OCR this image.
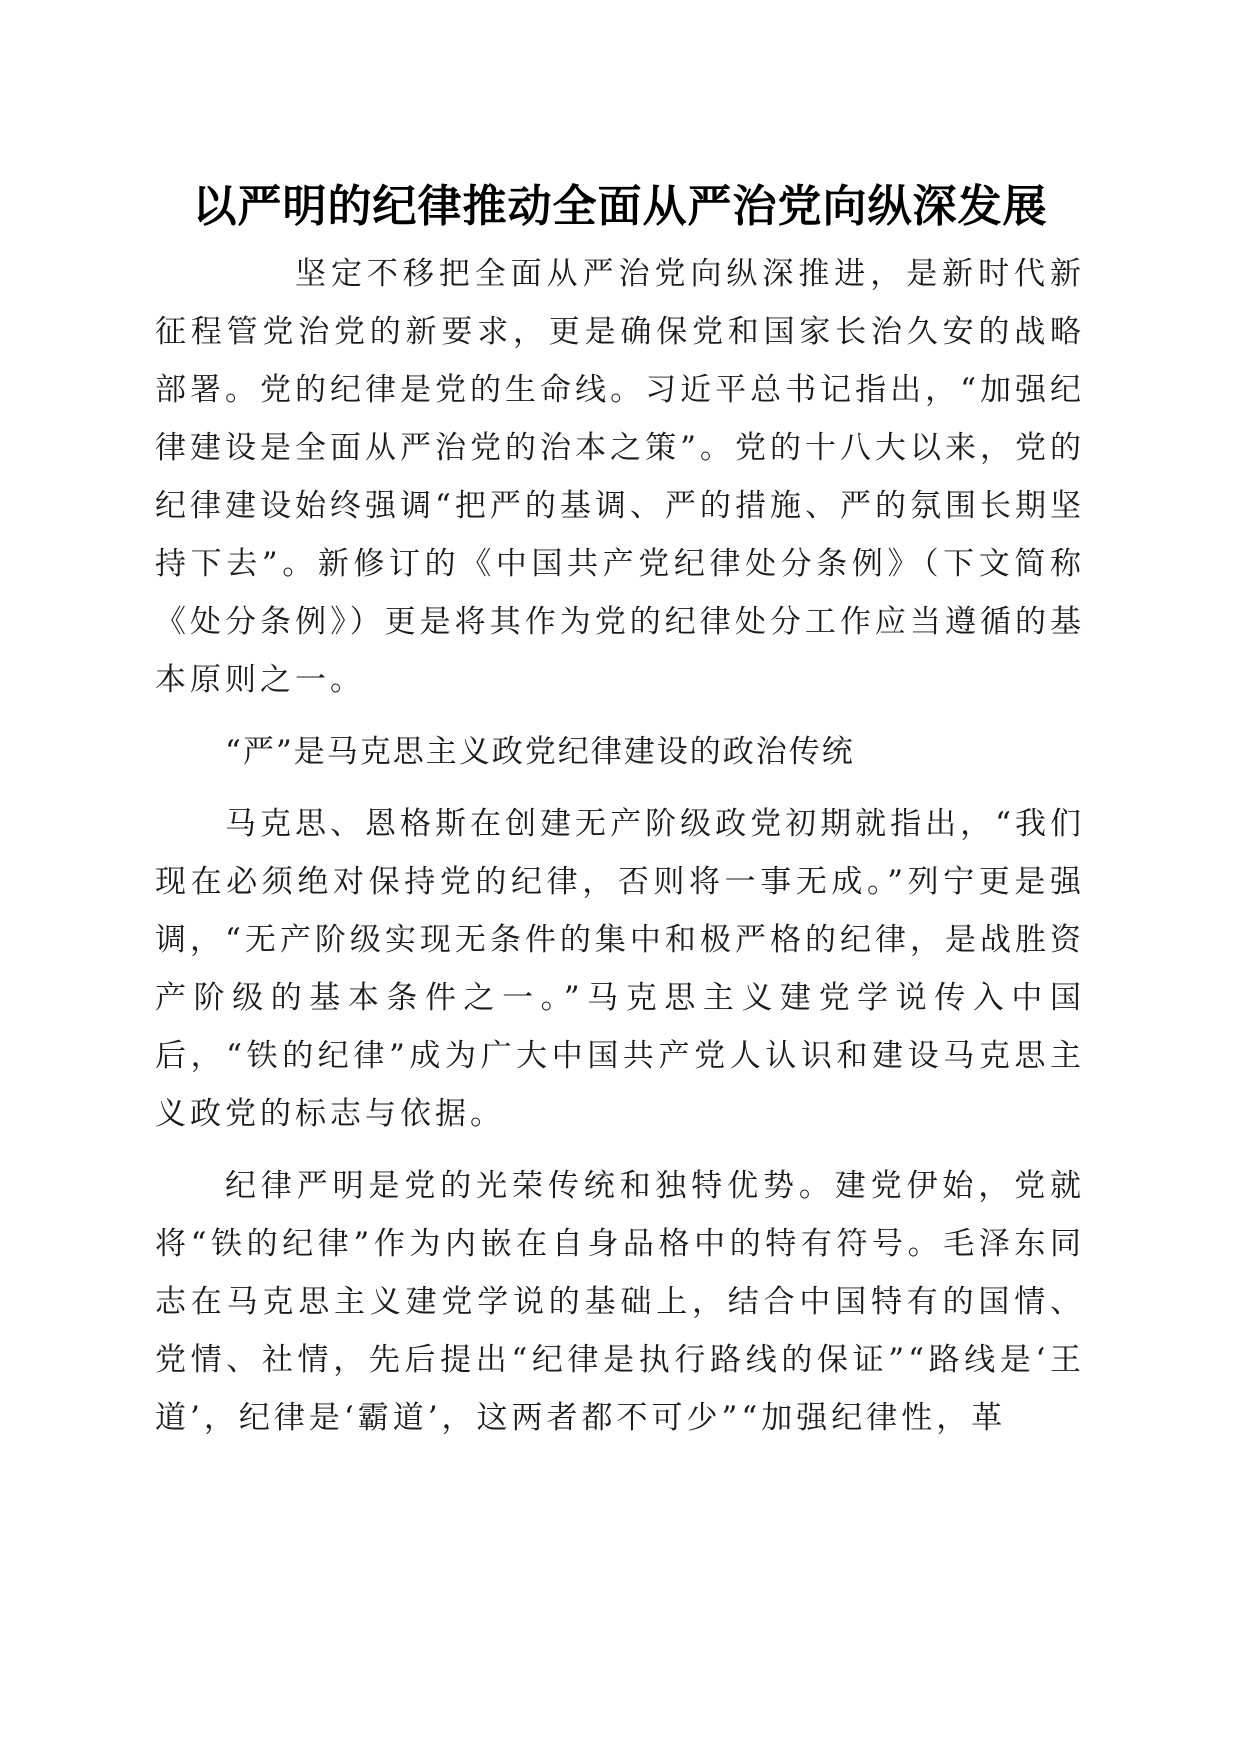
以严明的纪律推动全面从严治党向纵深发展

坚定不移把全面从严治党向纵深推进，是新时代新征程管党治党的新要求，更是确保党和国家长治久安的战略部署。党的纪律是党的生命线。习近平总书记指出，“加强纪律建设是全面从严治党的治本之策”。党的十八大以来，党的纪律建设始终强调“把严的基调、严的措施、严的氛围长期坚持下去”。新修订的《中国共产党纪律处分条例》（下文简称《处分条例》）更是将其作为党的纪律处分工作应当遵循的基本原则之一。

“严”是马克思主义政党纪律建设的政治传统

马克思、恩格斯在创建无产阶级政党初期就指出，“我们现在必须绝对保持党的纪律，否则将一事无成。”列宁更是强调，“无产阶级实现无条件的集中和极严格的纪律，是战胜资产阶级的基本条件之一。”马克思主义建党学说传入中国后，“铁的纪律”成为广大中国共产党人认识和建设马克思主义政党的标志与依据。

纪律严明是党的光荣传统和独特优势。建党伊始，党就将“铁的纪律”作为内嵌在自身品格中的特有符号。毛泽东同志在马克思主义建党学说的基础上，结合中国特有的国情、党情、社情，先后提出“纪律是执行路线的保证”“路线是‘王道’，纪律是‘霸道’，这两者都不可少”“加强纪律性，革
